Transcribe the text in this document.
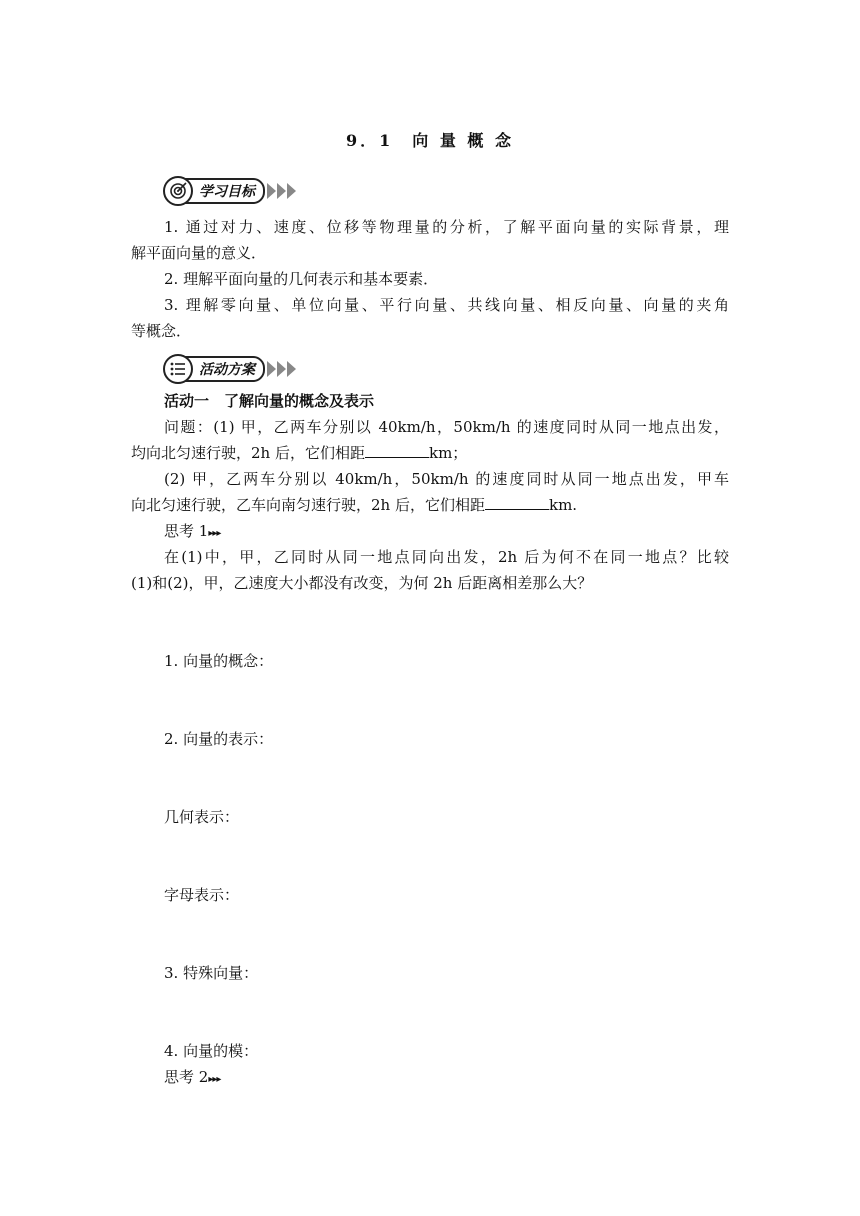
9．1　向 量 概 念
学习目标
1. 通过对力、速度、位移等物理量的分析，了解平面向量的实际背景，理
解平面向量的意义．
2. 理解平面向量的几何表示和基本要素．
3. 理解零向量、单位向量、平行向量、共线向量、相反向量、向量的夹角
等概念．
活动方案
活动一　了解向量的概念及表示
问题：(1) 甲，乙两车分别以 40km/h，50km/h 的速度同时从同一地点出发，
均向北匀速行驶，2h 后，它们相距	km；
(2) 甲，乙两车分别以 40km/h，50km/h 的速度同时从同一地点出发，甲车
向北匀速行驶，乙车向南匀速行驶，2h 后，它们相距	km.
思考 1▸▸▸
在(1)中，甲，乙同时从同一地点同向出发，2h 后为何不在同一地点？比较
(1)和(2)，甲，乙速度大小都没有改变，为何 2h 后距离相差那么大？
1. 向量的概念：
2. 向量的表示：
几何表示：
字母表示：
3. 特殊向量：
4. 向量的模：
思考 2▸▸▸
